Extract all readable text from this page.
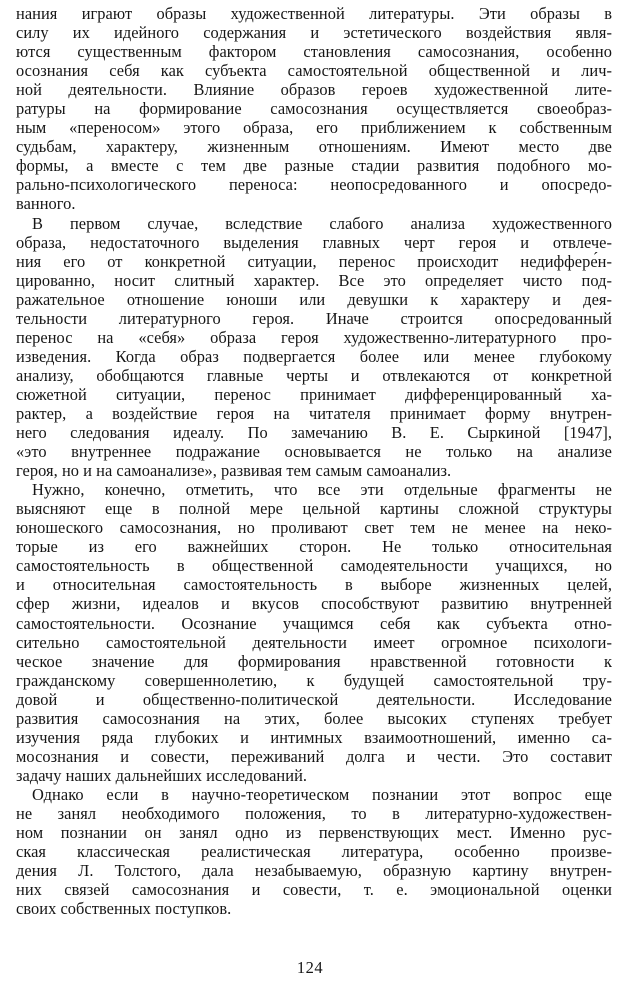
нания играют образы художественной литературы. Эти образы в
силу их идейного содержания и эстетического воздействия явля-
ются существенным фактором становления самосознания, особенно
осознания себя как субъекта самостоятельной общественной и лич-
ной деятельности. Влияние образов героев художественной лите-
ратуры на формирование самосознания осуществляется своеобраз-
ным «переносом» этого образа, его приближением к собственным
судьбам, характеру, жизненным отношениям. Имеют место две
формы, а вместе с тем две разные стадии развития подобного мо-
рально-психологического переноса: неопосредованного и опосредо-
ванного.
В первом случае, вследствие слабого анализа художественного
образа, недостаточного выделения главных черт героя и отвлече-
ния его от конкретной ситуации, перенос происходит недиффере́н-
цированно, носит слитный характер. Все это определяет чисто под-
ражательное отношение юноши или девушки к характеру и дея-
тельности литературного героя. Иначе строится опосредованный
перенос на «себя» образа героя художественно-литературного про-
изведения. Когда образ подвергается более или менее глубокому
анализу, обобщаются главные черты и отвлекаются от конкретной
сюжетной ситуации, перенос принимает дифференцированный ха-
рактер, а воздействие героя на читателя принимает форму внутрен-
него следования идеалу. По замечанию В. Е. Сыркиной [1947],
«это внутреннее подражание основывается не только на анализе
героя, но и на самоанализе», развивая тем самым самоанализ.
Нужно, конечно, отметить, что все эти отдельные фрагменты не
выясняют еще в полной мере цельной картины сложной структуры
юношеского самосознания, но проливают свет тем не менее на неко-
торые из его важнейших сторон. Не только относительная
самостоятельность в общественной самодеятельности учащихся, но
и относительная самостоятельность в выборе жизненных целей,
сфер жизни, идеалов и вкусов способствуют развитию внутренней
самостоятельности. Осознание учащимся себя как субъекта отно-
сительно самостоятельной деятельности имеет огромное психологи-
ческое значение для формирования нравственной готовности к
гражданскому совершеннолетию, к будущей самостоятельной тру-
довой и общественно-политической деятельности. Исследование
развития самосознания на этих, более высоких ступенях требует
изучения ряда глубоких и интимных взаимоотношений, именно са-
мосознания и совести, переживаний долга и чести. Это составит
задачу наших дальнейших исследований.
Однако если в научно-теоретическом познании этот вопрос еще
не занял необходимого положения, то в литературно-художествен-
ном познании он занял одно из первенствующих мест. Именно рус-
ская классическая реалистическая литература, особенно произве-
дения Л. Толстого, дала незабываемую, образную картину внутрен-
них связей самосознания и совести, т. е. эмоциональной оценки
своих собственных поступков.
124
